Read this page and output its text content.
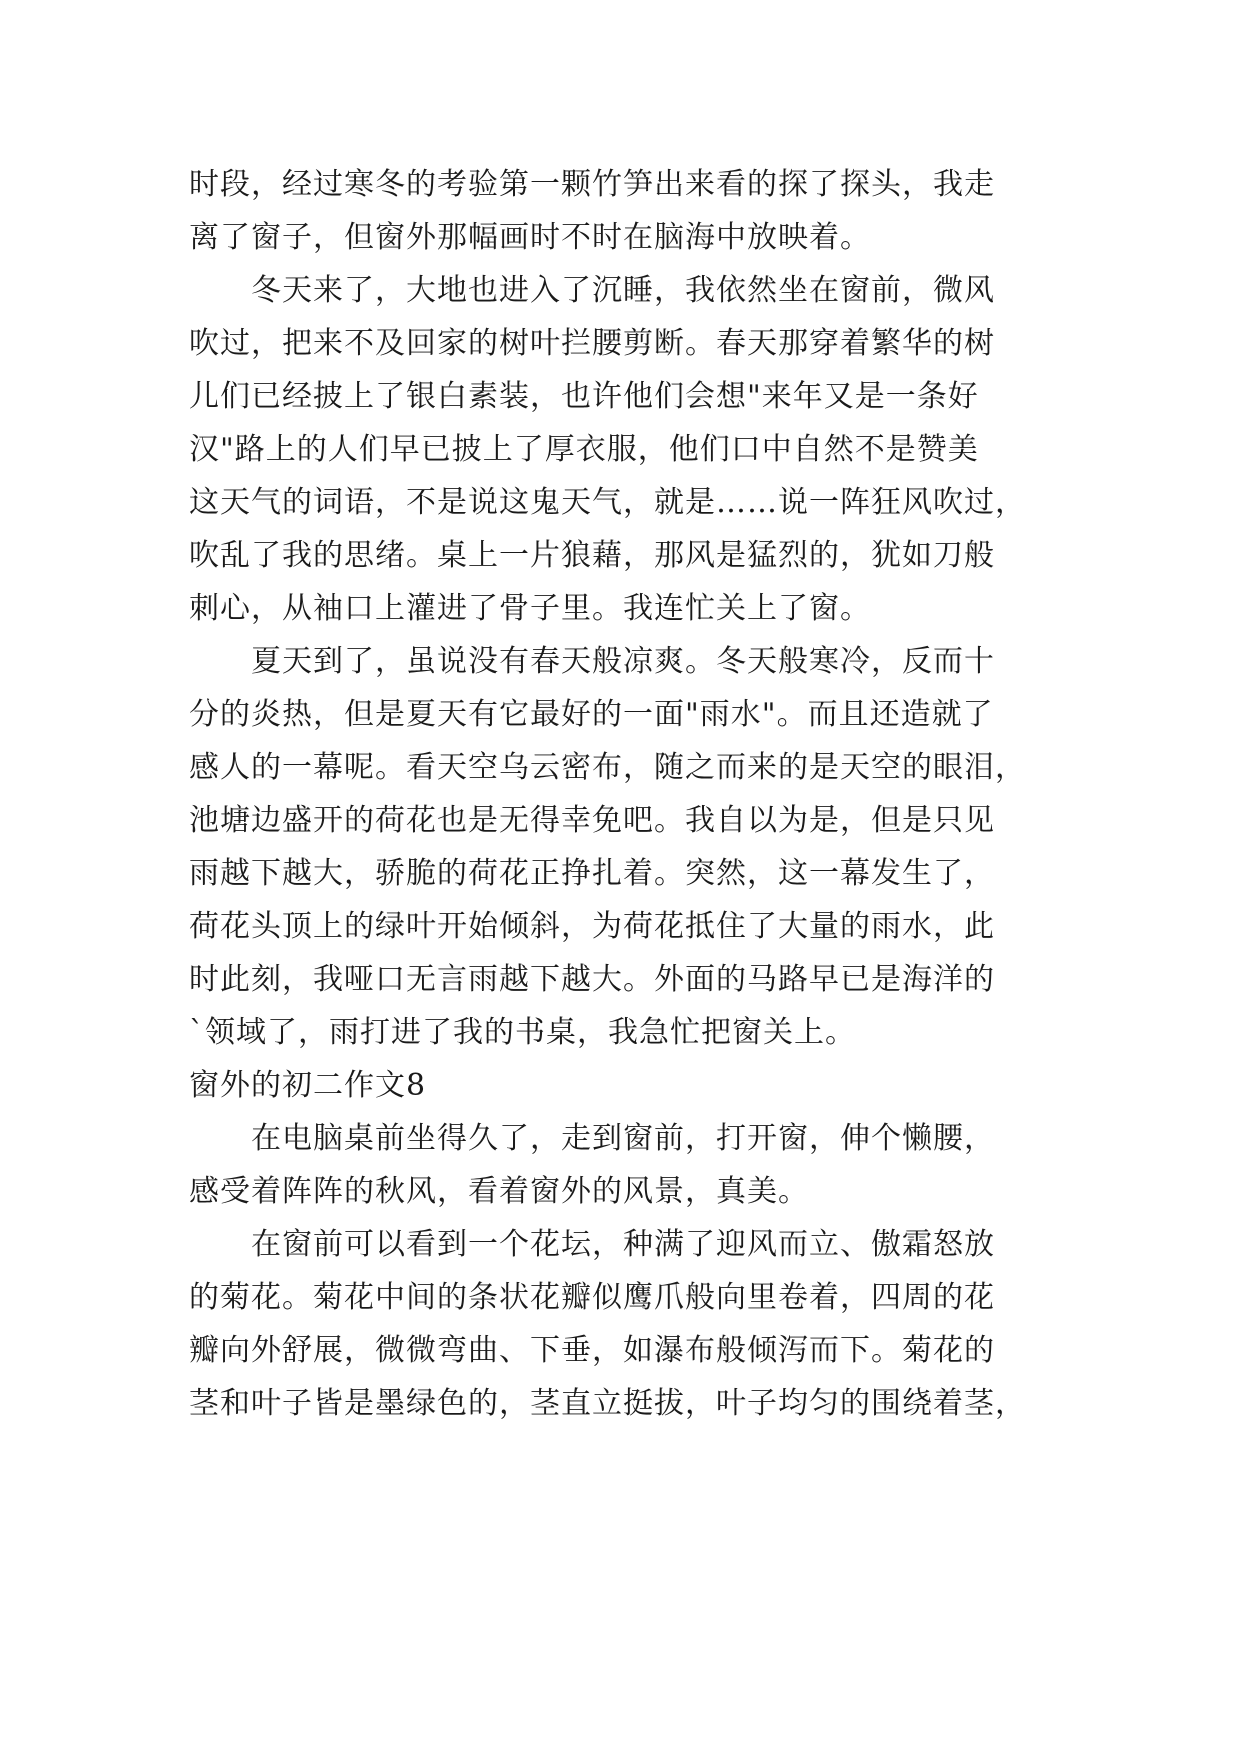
时段，经过寒冬的考验第一颗竹笋出来看的探了探头，我走
离了窗子，但窗外那幅画时不时在脑海中放映着。

冬天来了，大地也进入了沉睡，我依然坐在窗前，微风
吹过，把来不及回家的树叶拦腰剪断。春天那穿着繁华的树
儿们已经披上了银白素装，也许他们会想"来年又是一条好
汉"路上的人们早已披上了厚衣服，他们口中自然不是赞美
这天气的词语，不是说这鬼天气，就是……说一阵狂风吹过，
吹乱了我的思绪。桌上一片狼藉，那风是猛烈的，犹如刀般
刺心，从袖口上灌进了骨子里。我连忙关上了窗。

夏天到了，虽说没有春天般凉爽。冬天般寒冷，反而十
分的炎热，但是夏天有它最好的一面"雨水"。而且还造就了
感人的一幕呢。看天空乌云密布，随之而来的是天空的眼泪，
池塘边盛开的荷花也是无得幸免吧。我自以为是，但是只见
雨越下越大，骄脆的荷花正挣扎着。突然，这一幕发生了，
荷花头顶上的绿叶开始倾斜，为荷花抵住了大量的雨水，此
时此刻，我哑口无言雨越下越大。外面的马路早已是海洋的
`领域了，雨打进了我的书桌，我急忙把窗关上。

窗外的初二作文8

在电脑桌前坐得久了，走到窗前，打开窗，伸个懒腰，
感受着阵阵的秋风，看着窗外的风景，真美。

在窗前可以看到一个花坛，种满了迎风而立、傲霜怒放
的菊花。菊花中间的条状花瓣似鹰爪般向里卷着，四周的花
瓣向外舒展，微微弯曲、下垂，如瀑布般倾泻而下。菊花的
茎和叶子皆是墨绿色的，茎直立挺拔，叶子均匀的围绕着茎，
